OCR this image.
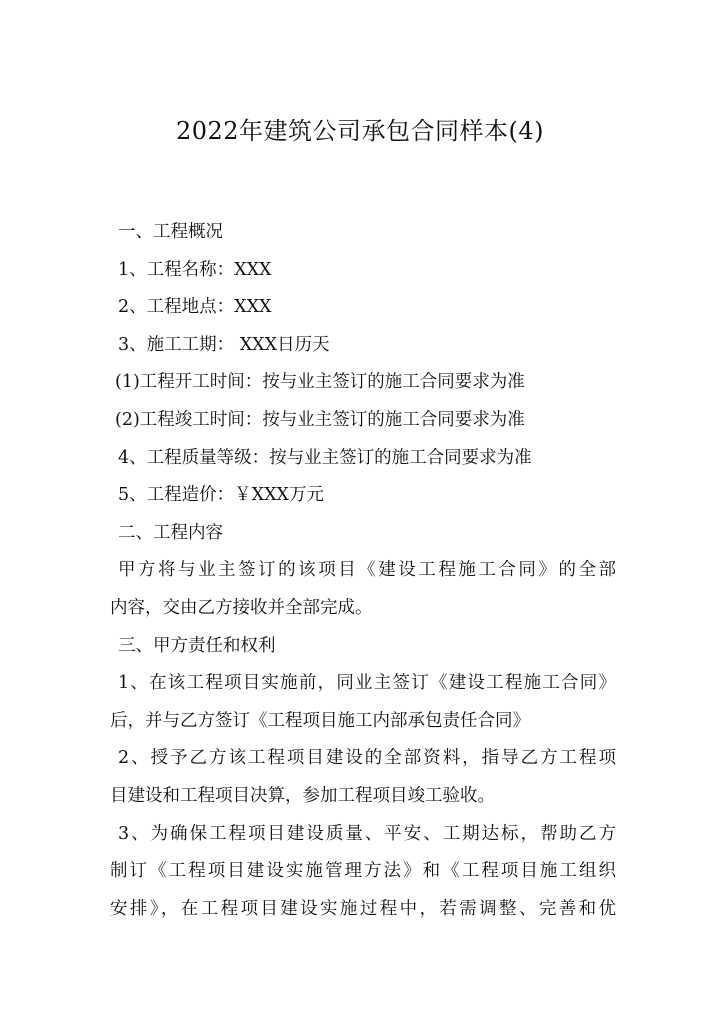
2022年建筑公司承包合同样本(4)
一、工程概况
1、工程名称：XXX
2、工程地点：XXX
3、施工工期： XXX日历天
(1)工程开工时间：按与业主签订的施工合同要求为准
(2)工程竣工时间：按与业主签订的施工合同要求为准
4、工程质量等级：按与业主签订的施工合同要求为准
5、工程造价：￥XXX万元
二、工程内容
甲方将与业主签订的该项目《建设工程施工合同》的全部
内容，交由乙方接收并全部完成。
三、甲方责任和权利
1、在该工程项目实施前，同业主签订《建设工程施工合同》
后，并与乙方签订《工程项目施工内部承包责任合同》
2、授予乙方该工程项目建设的全部资料，指导乙方工程项
目建设和工程项目决算，参加工程项目竣工验收。
3、为确保工程项目建设质量、平安、工期达标，帮助乙方
制订《工程项目建设实施管理方法》和《工程项目施工组织
安排》，在工程项目建设实施过程中，若需调整、完善和优
